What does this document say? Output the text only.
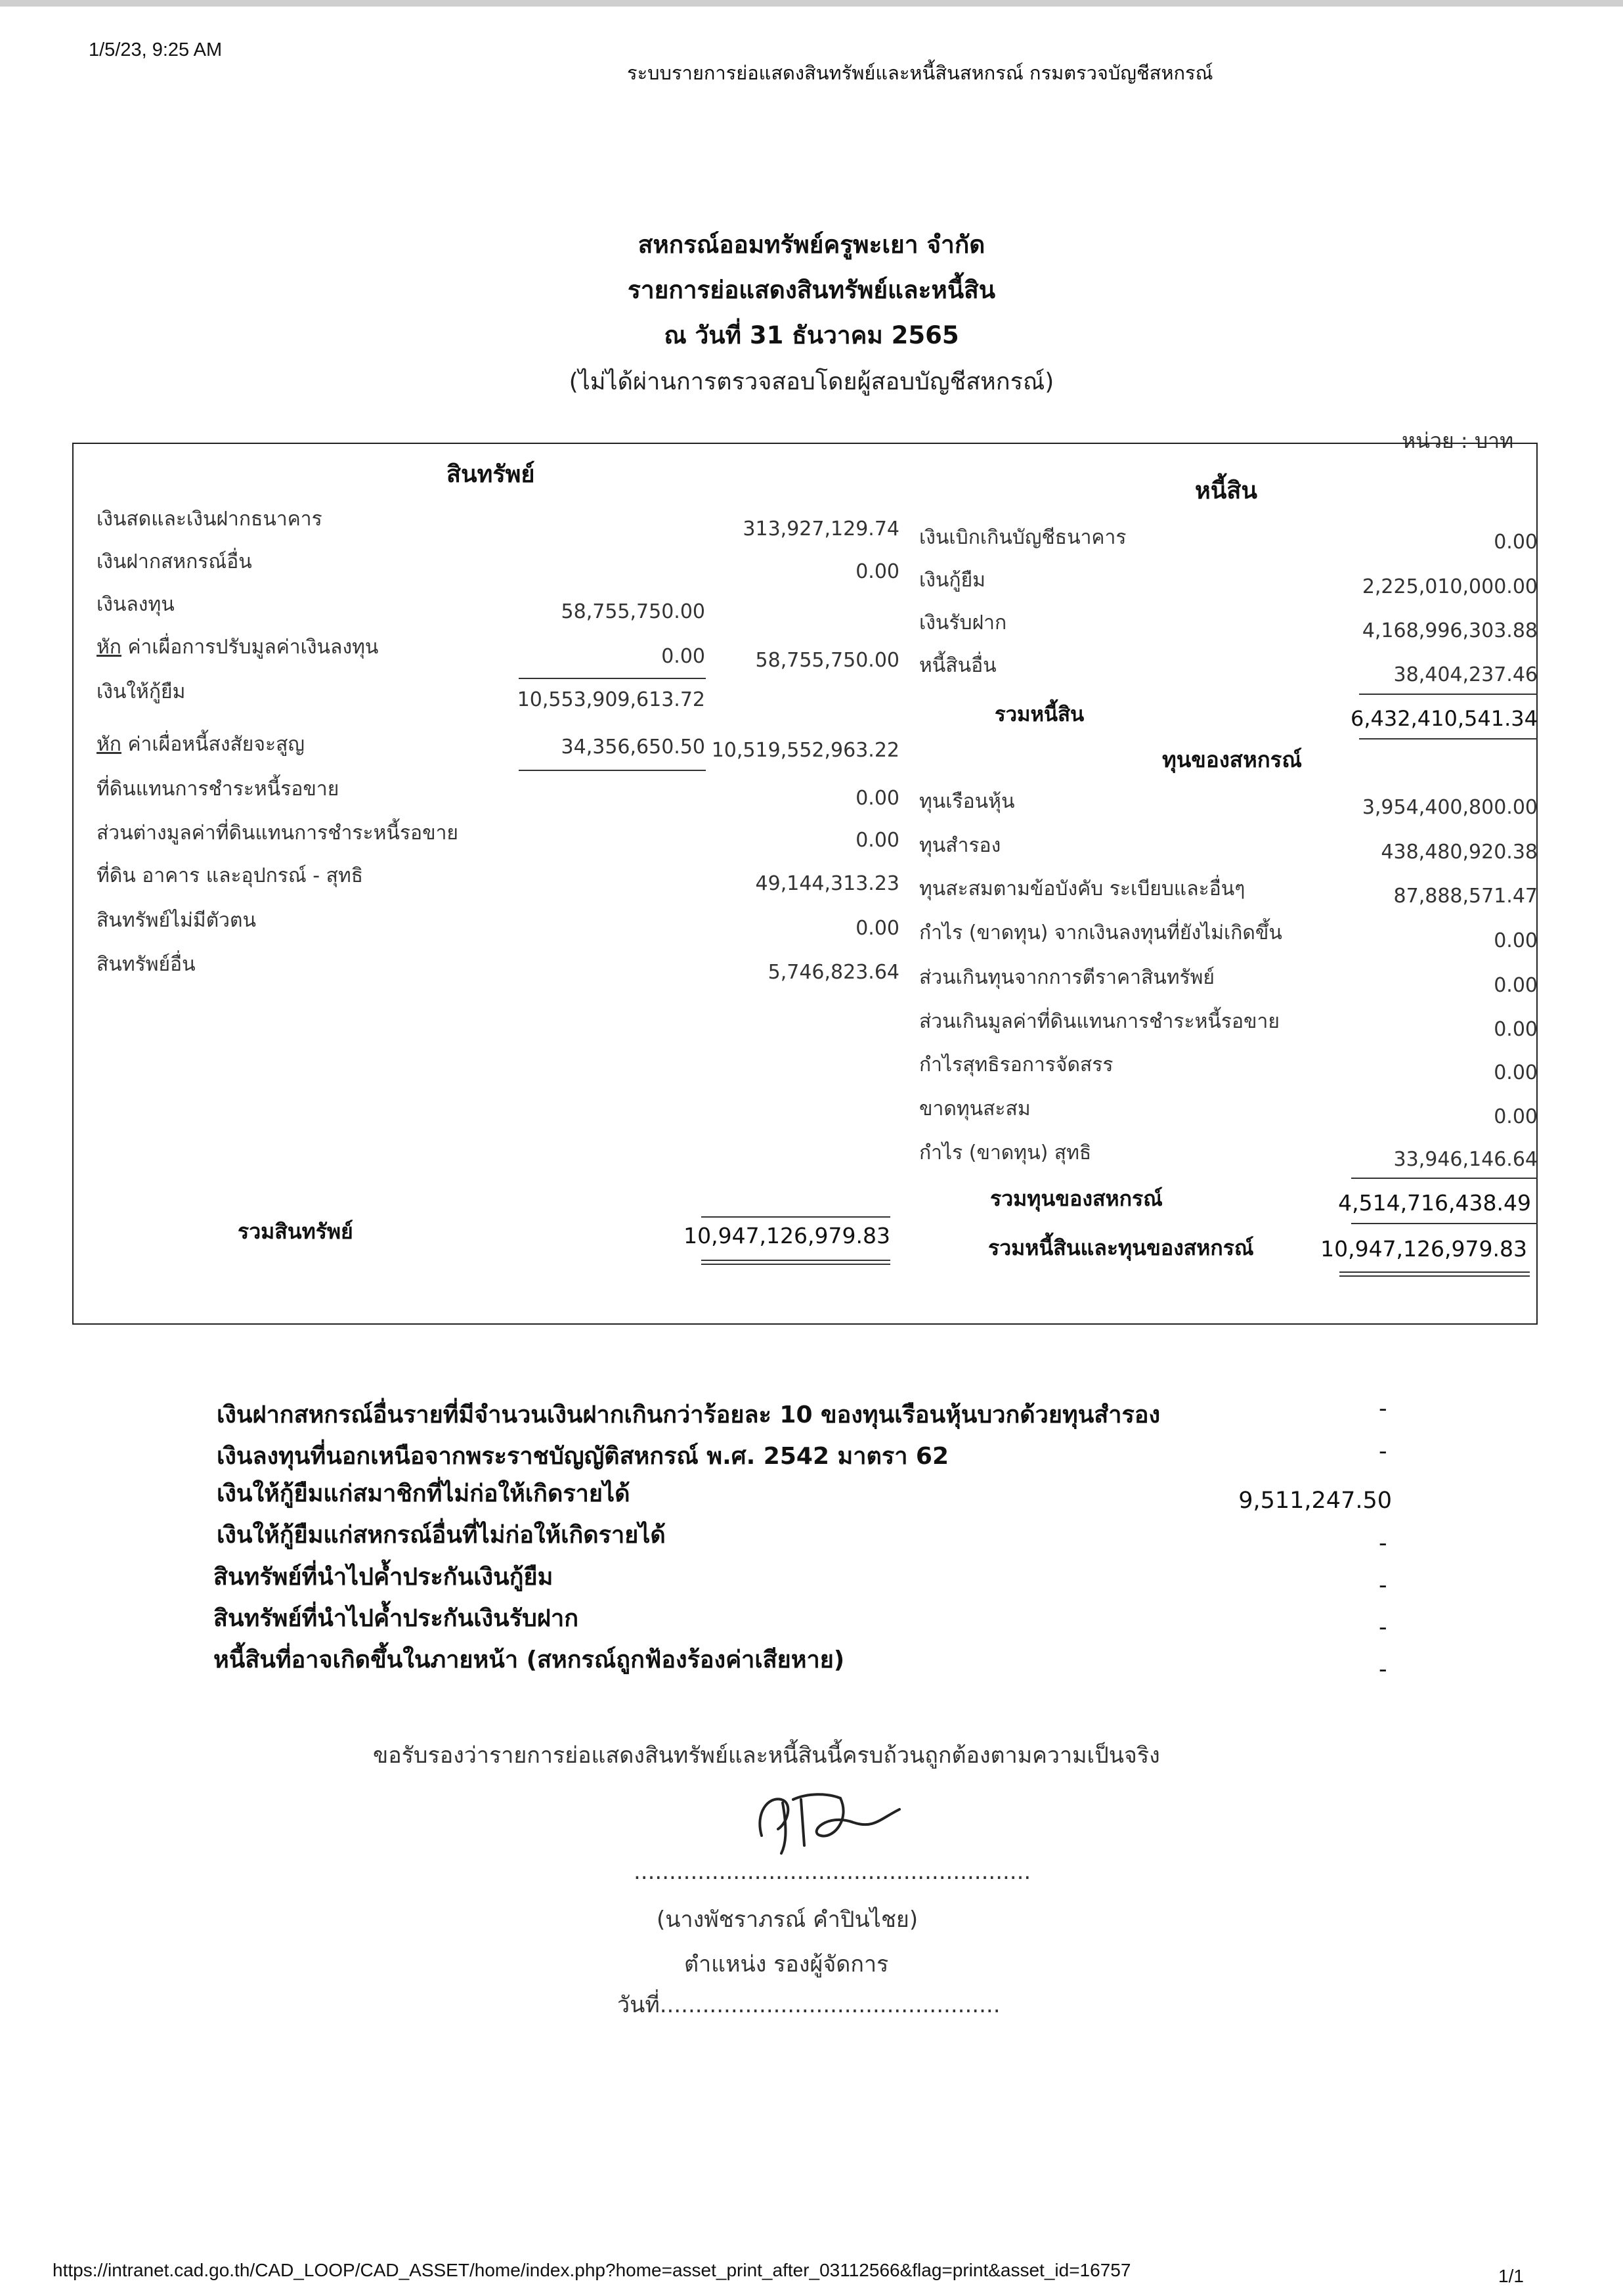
1/5/23, 9:25 AM
ระบบรายการย่อแสดงสินทรัพย์และหนี้สินสหกรณ์ กรมตรวจบัญชีสหกรณ์
สหกรณ์ออมทรัพย์ครูพะเยา จำกัด
รายการย่อแสดงสินทรัพย์และหนี้สิน
ณ วันที่ 31 ธันวาคม 2565
(ไม่ได้ผ่านการตรวจสอบโดยผู้สอบบัญชีสหกรณ์)
หน่วย : บาท
สินทรัพย์
หนี้สิน
เงินสดและเงินฝากธนาคาร	313,927,129.74
เงินฝากสหกรณ์อื่น	0.00
เงินลงทุน	58,755,750.00
หัก ค่าเผื่อการปรับมูลค่าเงินลงทุน	0.00	58,755,750.00
เงินให้กู้ยืม	10,553,909,613.72
หัก ค่าเผื่อหนี้สงสัยจะสูญ	34,356,650.50 10,519,552,963.22
ที่ดินแทนการชำระหนี้รอขาย	0.00
ส่วนต่างมูลค่าที่ดินแทนการชำระหนี้รอขาย	0.00
ที่ดิน อาคาร และอุปกรณ์ - สุทธิ	49,144,313.23
สินทรัพย์ไม่มีตัวตน	0.00
สินทรัพย์อื่น	5,746,823.64
รวมสินทรัพย์	10,947,126,979.83
เงินเบิกเกินบัญชีธนาคาร	0.00
เงินกู้ยืม	2,225,010,000.00
เงินรับฝาก	4,168,996,303.88
หนี้สินอื่น	38,404,237.46
รวมหนี้สิน	6,432,410,541.34
ทุนของสหกรณ์
ทุนเรือนหุ้น	3,954,400,800.00
ทุนสำรอง	438,480,920.38
ทุนสะสมตามข้อบังคับ ระเบียบและอื่นๆ	87,888,571.47
กำไร (ขาดทุน) จากเงินลงทุนที่ยังไม่เกิดขึ้น	0.00
ส่วนเกินทุนจากการตีราคาสินทรัพย์	0.00
ส่วนเกินมูลค่าที่ดินแทนการชำระหนี้รอขาย	0.00
กำไรสุทธิรอการจัดสรร	0.00
ขาดทุนสะสม	0.00
กำไร (ขาดทุน) สุทธิ	33,946,146.64
รวมทุนของสหกรณ์	4,514,716,438.49
รวมหนี้สินและทุนของสหกรณ์	10,947,126,979.83
เงินฝากสหกรณ์อื่นรายที่มีจำนวนเงินฝากเกินกว่าร้อยละ 10 ของทุนเรือนหุ้นบวกด้วยทุนสำรอง	-
เงินลงทุนที่นอกเหนือจากพระราชบัญญัติสหกรณ์ พ.ศ. 2542 มาตรา 62	-
เงินให้กู้ยืมแก่สมาชิกที่ไม่ก่อให้เกิดรายได้	9,511,247.50
เงินให้กู้ยืมแก่สหกรณ์อื่นที่ไม่ก่อให้เกิดรายได้	-
สินทรัพย์ที่นำไปค้ำประกันเงินกู้ยืม	-
สินทรัพย์ที่นำไปค้ำประกันเงินรับฝาก	-
หนี้สินที่อาจเกิดขึ้นในภายหน้า (สหกรณ์ถูกฟ้องร้องค่าเสียหาย)	-
ขอรับรองว่ารายการย่อแสดงสินทรัพย์และหนี้สินนี้ครบถ้วนถูกต้องตามความเป็นจริง
........................................................
(นางพัชราภรณ์ คำปินไชย)
ตำแหน่ง รองผู้จัดการ
วันที่................................................
https://intranet.cad.go.th/CAD_LOOP/CAD_ASSET/home/index.php?home=asset_print_after_03112566&flag=print&asset_id=16757	1/1
